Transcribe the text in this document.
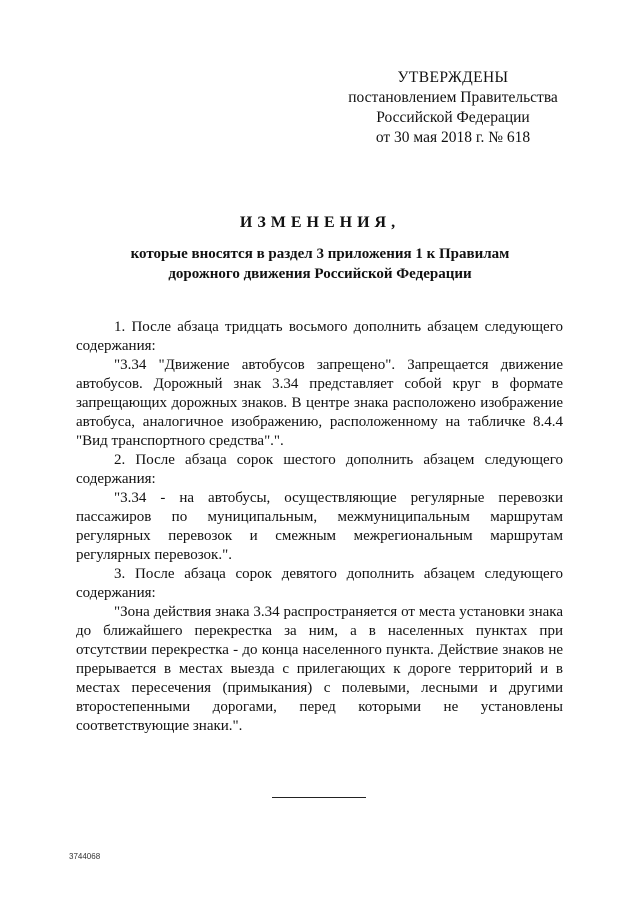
УТВЕРЖДЕНЫ
постановлением Правительства
Российской Федерации
от 30 мая 2018 г. № 618
ИЗМЕНЕНИЯ,
которые вносятся в раздел 3 приложения 1 к Правилам
дорожного движения Российской Федерации

1. После абзаца тридцать восьмого дополнить абзацем следующего содержания:

"3.34 "Движение автобусов запрещено". Запрещается движение автобусов. Дорожный знак 3.34 представляет собой круг в формате запрещающих дорожных знаков. В центре знака расположено изображение автобуса, аналогичное изображению, расположенному на табличке 8.4.4 "Вид транспортного средства".".

2. После абзаца сорок шестого дополнить абзацем следующего содержания:

"3.34 - на автобусы, осуществляющие регулярные перевозки пассажиров по муниципальным, межмуниципальным маршрутам регулярных перевозок и смежным межрегиональным маршрутам регулярных перевозок.".

3. После абзаца сорок девятого дополнить абзацем следующего содержания:

"Зона действия знака 3.34 распространяется от места установки знака до ближайшего перекрестка за ним, а в населенных пунктах при отсутствии перекрестка - до конца населенного пункта. Действие знаков не прерывается в местах выезда с прилегающих к дороге территорий и в местах пересечения (примыкания) с полевыми, лесными и другими второстепенными дорогами, перед которыми не установлены соответствующие знаки.".

3744068
